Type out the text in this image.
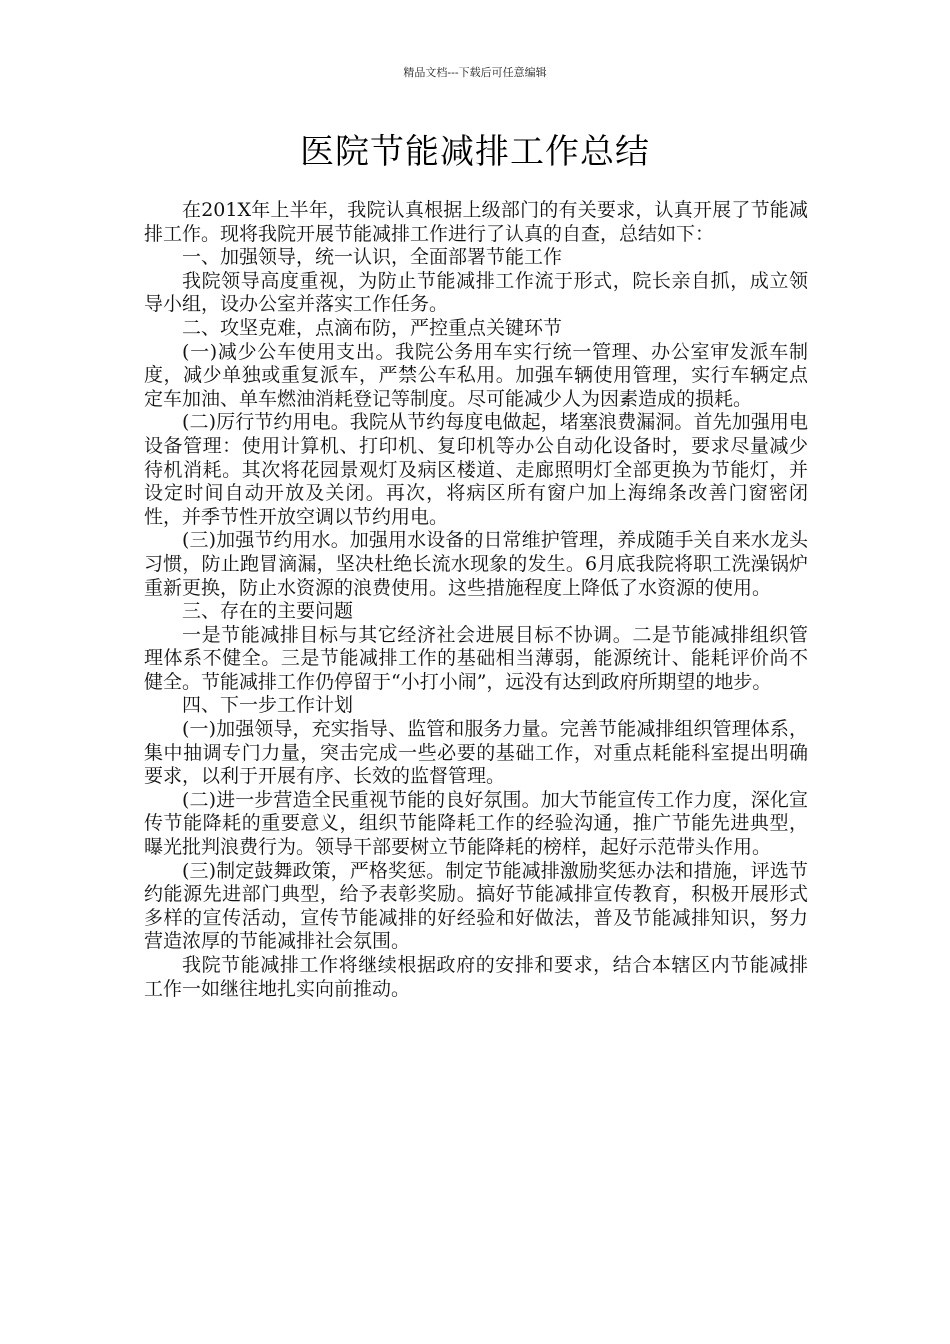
精品文档---下载后可任意编辑
医院节能减排工作总结

在201X年上半年，我院认真根据上级部门的有关要求，认真开展了节能减排工作。现将我院开展节能减排工作进行了认真的自查，总结如下：

一、加强领导，统一认识，全面部署节能工作

我院领导高度重视，为防止节能减排工作流于形式，院长亲自抓，成立领导小组，设办公室并落实工作任务。

二、攻坚克难，点滴布防，严控重点关键环节

(一)减少公车使用支出。我院公务用车实行统一管理、办公室审发派车制度，减少单独或重复派车，严禁公车私用。加强车辆使用管理，实行车辆定点定车加油、单车燃油消耗登记等制度。尽可能减少人为因素造成的损耗。

(二)厉行节约用电。我院从节约每度电做起，堵塞浪费漏洞。首先加强用电设备管理：使用计算机、打印机、复印机等办公自动化设备时，要求尽量减少待机消耗。其次将花园景观灯及病区楼道、走廊照明灯全部更换为节能灯，并设定时间自动开放及关闭。再次，将病区所有窗户加上海绵条改善门窗密闭性，并季节性开放空调以节约用电。

(三)加强节约用水。加强用水设备的日常维护管理，养成随手关自来水龙头习惯，防止跑冒滴漏，坚决杜绝长流水现象的发生。6月底我院将职工洗澡锅炉重新更换，防止水资源的浪费使用。这些措施程度上降低了水资源的使用。

三、存在的主要问题

一是节能减排目标与其它经济社会进展目标不协调。二是节能减排组织管理体系不健全。三是节能减排工作的基础相当薄弱，能源统计、能耗评价尚不健全。节能减排工作仍停留于“小打小闹”，远没有达到政府所期望的地步。

四、下一步工作计划

(一)加强领导，充实指导、监管和服务力量。完善节能减排组织管理体系，集中抽调专门力量，突击完成一些必要的基础工作，对重点耗能科室提出明确要求，以利于开展有序、长效的监督管理。

(二)进一步营造全民重视节能的良好氛围。加大节能宣传工作力度，深化宣传节能降耗的重要意义，组织节能降耗工作的经验沟通，推广节能先进典型，曝光批判浪费行为。领导干部要树立节能降耗的榜样，起好示范带头作用。

(三)制定鼓舞政策，严格奖惩。制定节能减排激励奖惩办法和措施，评选节约能源先进部门典型，给予表彰奖励。搞好节能减排宣传教育，积极开展形式多样的宣传活动，宣传节能减排的好经验和好做法，普及节能减排知识，努力营造浓厚的节能减排社会氛围。

我院节能减排工作将继续根据政府的安排和要求，结合本辖区内节能减排工作一如继往地扎实向前推动。
